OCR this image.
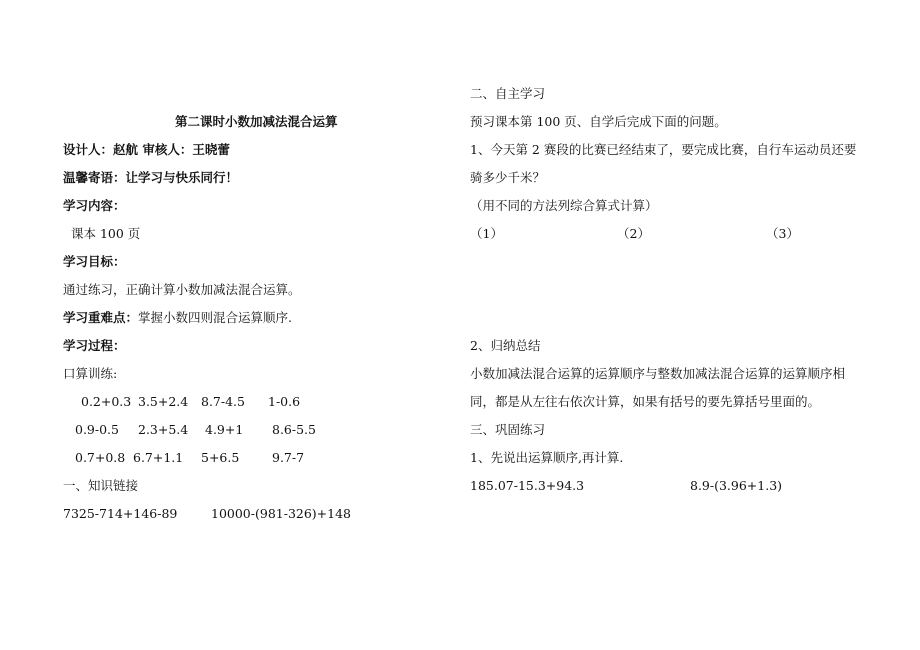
第二课时小数加减法混合运算
设计人：赵航 审核人：王晓蕾
温馨寄语：让学习与快乐同行！
学习内容：
课本 100 页
学习目标：
通过练习，正确计算小数加减法混合运算。
学习重难点：掌握小数四则混合运算顺序.
学习过程：
口算训练:
0.2+0.3 3.5+2.4 8.7-4.5 1-0.6
0.9-0.5 2.3+5.4 4.9+1 8.6-5.5
0.7+0.8 6.7+1.1 5+6.5	9.7-7
一、知识链接
7325-714+146-89	10000-(981-326)+148
二、自主学习
预习课本第 100 页、自学后完成下面的问题。
1、今天第 2 赛段的比赛已经结束了，要完成比赛，自行车运动员还要
骑多少千米？
（用不同的方法列综合算式计算）
（1）	（2）	（3）
2、归纳总结
小数加减法混合运算的运算顺序与整数加减法混合运算的运算顺序相
同，都是从左往右依次计算，如果有括号的要先算括号里面的。
三、巩固练习
1、先说出运算顺序,再计算.
185.07-15.3+94.3	8.9-(3.96+1.3)
